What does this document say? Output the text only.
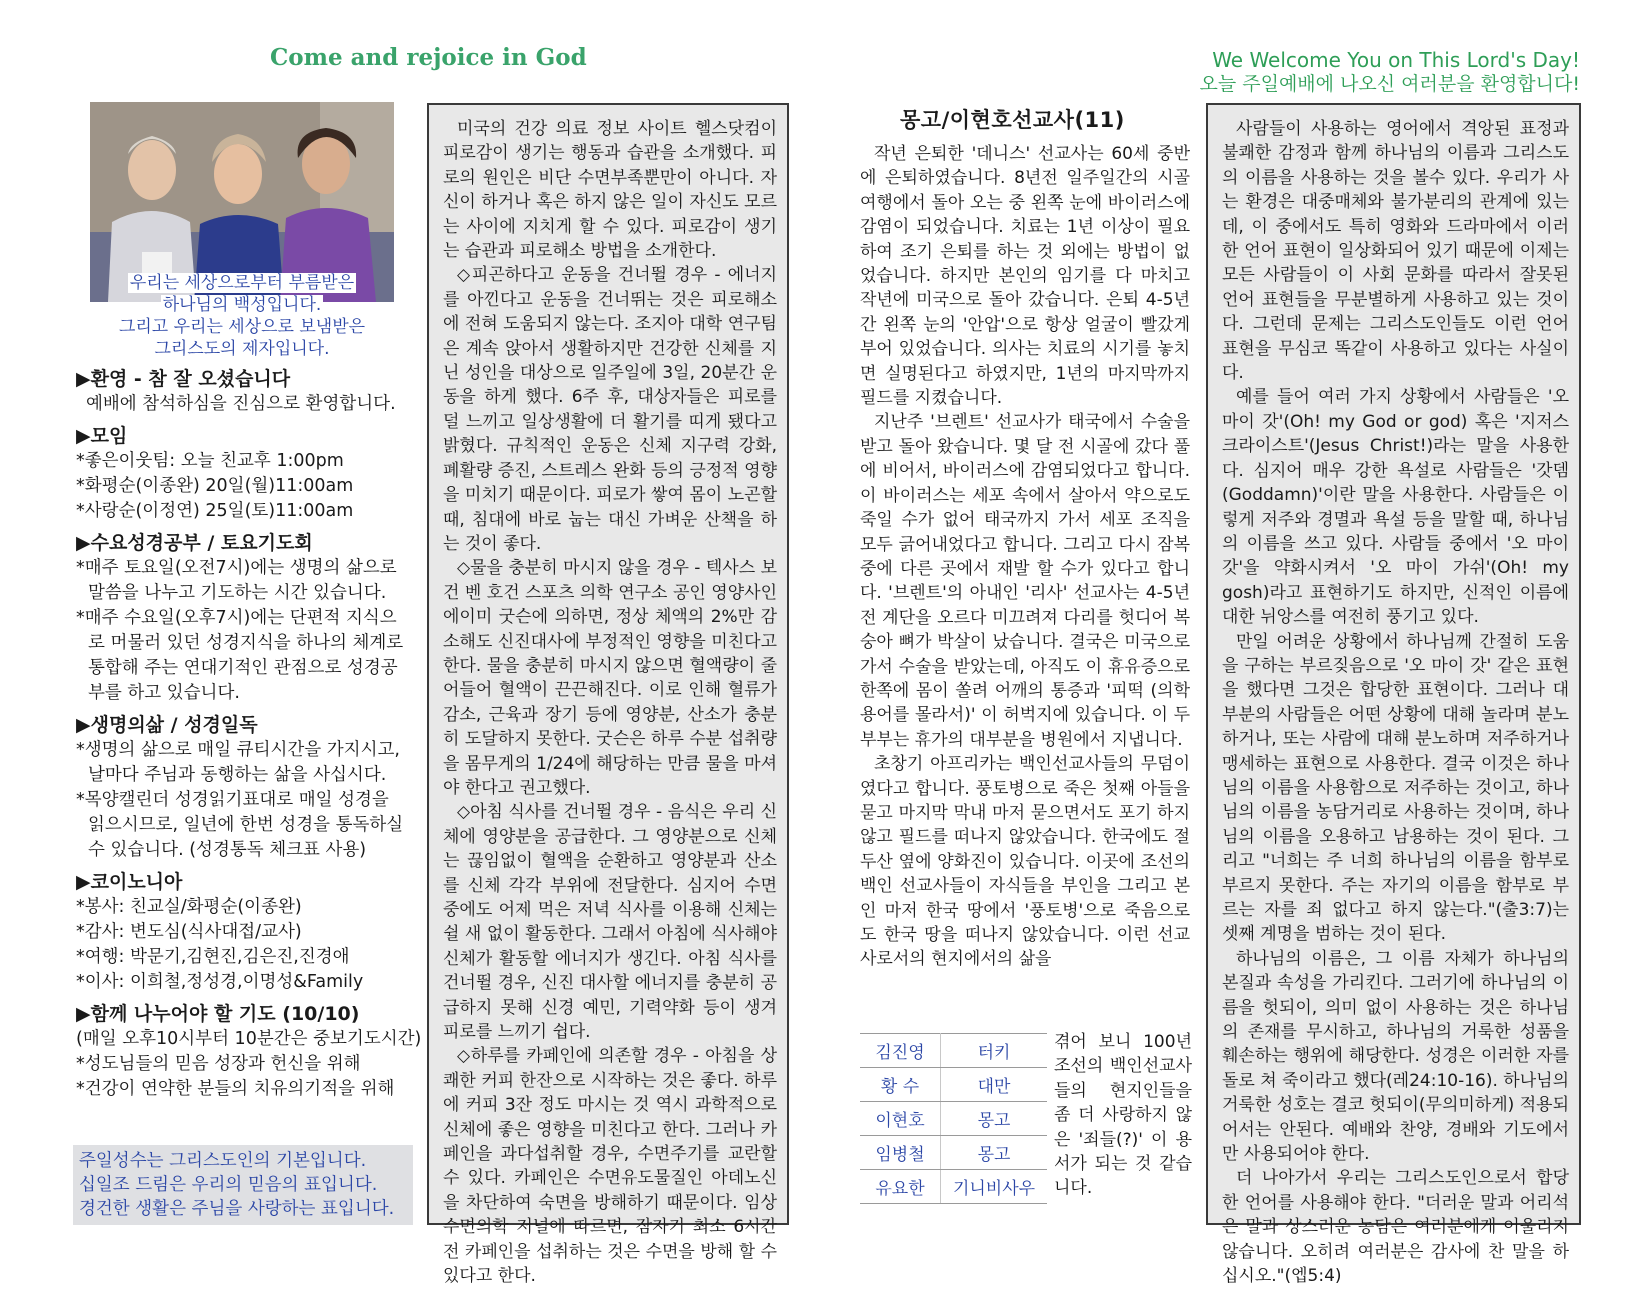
Come and rejoice in God	We Welcome You on This Lord's Day!
오늘 주일예배에 나오신 여러분을 환영합니다!
우리는 세상으로부터 부름받은
하나님의 백성입니다.
그리고 우리는 세상으로 보냄받은
그리스도의 제자입니다.
▶환영 - 참 잘 오셨습니다
예배에 참석하심을 진심으로 환영합니다.
▶모임
*좋은이웃팀: 오늘 친교후 1:00pm
*화평순(이종완) 20일(월)11:00am
*사랑순(이정연) 25일(토)11:00am
▶수요성경공부 / 토요기도회
*매주 토요일(오전7시)에는 생명의 삶으로 말씀을 나누고 기도하는 시간 있습니다.
*매주 수요일(오후7시)에는 단편적 지식으로 머물러 있던 성경지식을 하나의 체계로 통합해 주는 연대기적인 관점으로 성경공부를 하고 있습니다.
▶생명의삶 / 성경일독
*생명의 삶으로 매일 큐티시간을 가지시고, 날마다 주님과 동행하는 삶을 사십시다.
*목양캘린더 성경읽기표대로 매일 성경을 읽으시므로, 일년에 한번 성경을 통독하실 수 있습니다. (성경통독 체크표 사용)
▶코이노니아
*봉사: 친교실/화평순(이종완)
*감사: 변도심(식사대접/교사)
*여행: 박문기,김현진,김은진,진경애
*이사: 이희철,정성경,이명성&Family
▶함께 나누어야 할 기도 (10/10)
(매일 오후10시부터 10분간은 중보기도시간)
*성도님들의 믿음 성장과 헌신을 위해
*건강이 연약한 분들의 치유의기적을 위해
주일성수는 그리스도인의 기본입니다.
십일조 드림은 우리의 믿음의 표입니다.
경건한 생활은 주님을 사랑하는 표입니다.

미국의 건강 의료 정보 사이트 헬스닷컴이 피로감이 생기는 행동과 습관을 소개했다. 피로의 원인은 비단 수면부족뿐만이 아니다. 자신이 하거나 혹은 하지 않은 일이 자신도 모르는 사이에 지치게 할 수 있다. 피로감이 생기는 습관과 피로해소 방법을 소개한다.

◇피곤하다고 운동을 건너뛸 경우 - 에너지를 아낀다고 운동을 건너뛰는 것은 피로해소에 전혀 도움되지 않는다. 조지아 대학 연구팀은 계속 앉아서 생활하지만 건강한 신체를 지닌 성인을 대상으로 일주일에 3일, 20분간 운동을 하게 했다. 6주 후, 대상자들은 피로를 덜 느끼고 일상생활에 더 활기를 띠게 됐다고 밝혔다. 규칙적인 운동은 신체 지구력 강화, 폐활량 증진, 스트레스 완화 등의 긍정적 영향을 미치기 때문이다. 피로가 쌓여 몸이 노곤할 때, 침대에 바로 눕는 대신 가벼운 산책을 하는 것이 좋다.

◇물을 충분히 마시지 않을 경우 - 텍사스 보건 벤 호건 스포츠 의학 연구소 공인 영양사인 에이미 굿슨에 의하면, 정상 체액의 2%만 감소해도 신진대사에 부정적인 영향을 미친다고 한다. 물을 충분히 마시지 않으면 혈액량이 줄어들어 혈액이 끈끈해진다. 이로 인해 혈류가 감소, 근육과 장기 등에 영양분, 산소가 충분히 도달하지 못한다. 굿슨은 하루 수분 섭취량을 몸무게의 1/24에 해당하는 만큼 물을 마셔야 한다고 권고했다.

◇아침 식사를 건너뛸 경우 - 음식은 우리 신체에 영양분을 공급한다. 그 영양분으로 신체는 끊임없이 혈액을 순환하고 영양분과 산소를 신체 각각 부위에 전달한다. 심지어 수면 중에도 어제 먹은 저녁 식사를 이용해 신체는 쉴 새 없이 활동한다. 그래서 아침에 식사해야 신체가 활동할 에너지가 생긴다. 아침 식사를 건너뛸 경우, 신진 대사할 에너지를 충분히 공급하지 못해 신경 예민, 기력약화 등이 생겨 피로를 느끼기 쉽다.

◇하루를 카페인에 의존할 경우 - 아침을 상쾌한 커피 한잔으로 시작하는 것은 좋다. 하루에 커피 3잔 정도 마시는 것 역시 과학적으로 신체에 좋은 영향을 미친다고 한다. 그러나 카페인을 과다섭취할 경우, 수면주기를 교란할 수 있다. 카페인은 수면유도물질인 아데노신을 차단하여 숙면을 방해하기 때문이다. 임상 수면의학 저널에 따르면, 잠자기 최소 6시간 전 카페인을 섭취하는 것은 수면을 방해 할 수 있다고 한다.

몽고/이현호선교사(11)

작년 은퇴한 '데니스' 선교사는 60세 중반에 은퇴하였습니다. 8년전 일주일간의 시골 여행에서 돌아 오는 중 왼쪽 눈에 바이러스에 감염이 되었습니다. 치료는 1년 이상이 필요하여 조기 은퇴를 하는 것 외에는 방법이 없었습니다. 하지만 본인의 임기를 다 마치고 작년에 미국으로 돌아 갔습니다. 은퇴 4-5년 간 왼쪽 눈의 '안압'으로 항상 얼굴이 빨갔게 부어 있었습니다. 의사는 치료의 시기를 놓치면 실명된다고 하였지만, 1년의 마지막까지 필드를 지켰습니다.

지난주 '브렌트' 선교사가 태국에서 수술을 받고 돌아 왔습니다. 몇 달 전 시골에 갔다 풀에 비어서, 바이러스에 감염되었다고 합니다. 이 바이러스는 세포 속에서 살아서 약으로도 죽일 수가 없어 태국까지 가서 세포 조직을 모두 긁어내었다고 합니다. 그리고 다시 잠복 중에 다른 곳에서 재발 할 수가 있다고 합니다. '브렌트'의 아내인 '리사' 선교사는 4-5년 전 계단을 오르다 미끄려져 다리를 헛디어 복숭아 뼈가 박살이 났습니다. 결국은 미국으로 가서 수술을 받았는데, 아직도 이 휴유증으로 한쪽에 몸이 쏠려 어깨의 통증과 '피떡 (의학 용어를 몰라서)' 이 허벅지에 있습니다. 이 두 부부는 휴가의 대부분을 병원에서 지냅니다.

초창기 아프리카는 백인선교사들의 무덤이였다고 합니다. 풍토병으로 죽은 첫째 아들을 묻고 마지막 막내 마저 묻으면서도 포기 하지 않고 필드를 떠나지 않았습니다. 한국에도 절두산 옆에 양화진이 있습니다. 이곳에 조선의 백인 선교사들이 자식들을 부인을 그리고 본인 마저 한국 땅에서 '풍토병'으로 죽음으로도 한국 땅을 떠나지 않았습니다. 이런 선교사로서의 현지에서의 삶을

김진영	터키
황 수	대만
이현호	몽고
임병철	몽고
유요한	기니비사우
겪어 보니 100년 조선의 백인선교사들의 현지인들을 좀 더 사랑하지 않은 '죄들(?)' 이 용서가 되는 것 같습니다.

사람들이 사용하는 영어에서 격앙된 표정과 불쾌한 감정과 함께 하나님의 이름과 그리스도의 이름을 사용하는 것을 볼수 있다. 우리가 사는 환경은 대중매체와 불가분리의 관계에 있는데, 이 중에서도 특히 영화와 드라마에서 이러한 언어 표현이 일상화되어 있기 때문에 이제는 모든 사람들이 이 사회 문화를 따라서 잘못된 언어 표현들을 무분별하게 사용하고 있는 것이다. 그런데 문제는 그리스도인들도 이런 언어 표현을 무심코 똑같이 사용하고 있다는 사실이다.

예를 들어 여러 가지 상황에서 사람들은 '오 마이 갓'(Oh! my God or god) 혹은 '지저스 크라이스트'(Jesus Christ!)라는 말을 사용한다. 심지어 매우 강한 욕설로 사람들은 '갓뎀(Goddamn)'이란 말을 사용한다. 사람들은 이렇게 저주와 경멸과 욕설 등을 말할 때, 하나님의 이름을 쓰고 있다. 사람들 중에서 '오 마이 갓'을 약화시켜서 '오 마이 가쉬'(Oh! my gosh)라고 표현하기도 하지만, 신적인 이름에 대한 뉘앙스를 여전히 풍기고 있다.

만일 어려운 상황에서 하나님께 간절히 도움을 구하는 부르짖음으로 '오 마이 갓' 같은 표현을 했다면 그것은 합당한 표현이다. 그러나 대부분의 사람들은 어떤 상황에 대해 놀라며 분노하거나, 또는 사람에 대해 분노하며 저주하거나 맹세하는 표현으로 사용한다. 결국 이것은 하나님의 이름을 사용함으로 저주하는 것이고, 하나님의 이름을 농담거리로 사용하는 것이며, 하나님의 이름을 오용하고 남용하는 것이 된다. 그리고 "너희는 주 너희 하나님의 이름을 함부로 부르지 못한다. 주는 자기의 이름을 함부로 부르는 자를 죄 없다고 하지 않는다."(출3:7)는 셋째 계명을 범하는 것이 된다.

하나님의 이름은, 그 이름 자체가 하나님의 본질과 속성을 가리킨다. 그러기에 하나님의 이름을 헛되이, 의미 없이 사용하는 것은 하나님의 존재를 무시하고, 하나님의 거룩한 성품을 훼손하는 행위에 해당한다. 성경은 이러한 자를 돌로 쳐 죽이라고 했다(레24:10-16). 하나님의 거룩한 성호는 결코 헛되이(무의미하게) 적용되어서는 안된다. 예배와 찬양, 경배와 기도에서만 사용되어야 한다.

더 나아가서 우리는 그리스도인으로서 합당한 언어를 사용해야 한다. "더러운 말과 어리석은 말과 상스러운 농담은 여러분에게 어울리지 않습니다. 오히려 여러분은 감사에 찬 말을 하십시오."(엡5:4)
